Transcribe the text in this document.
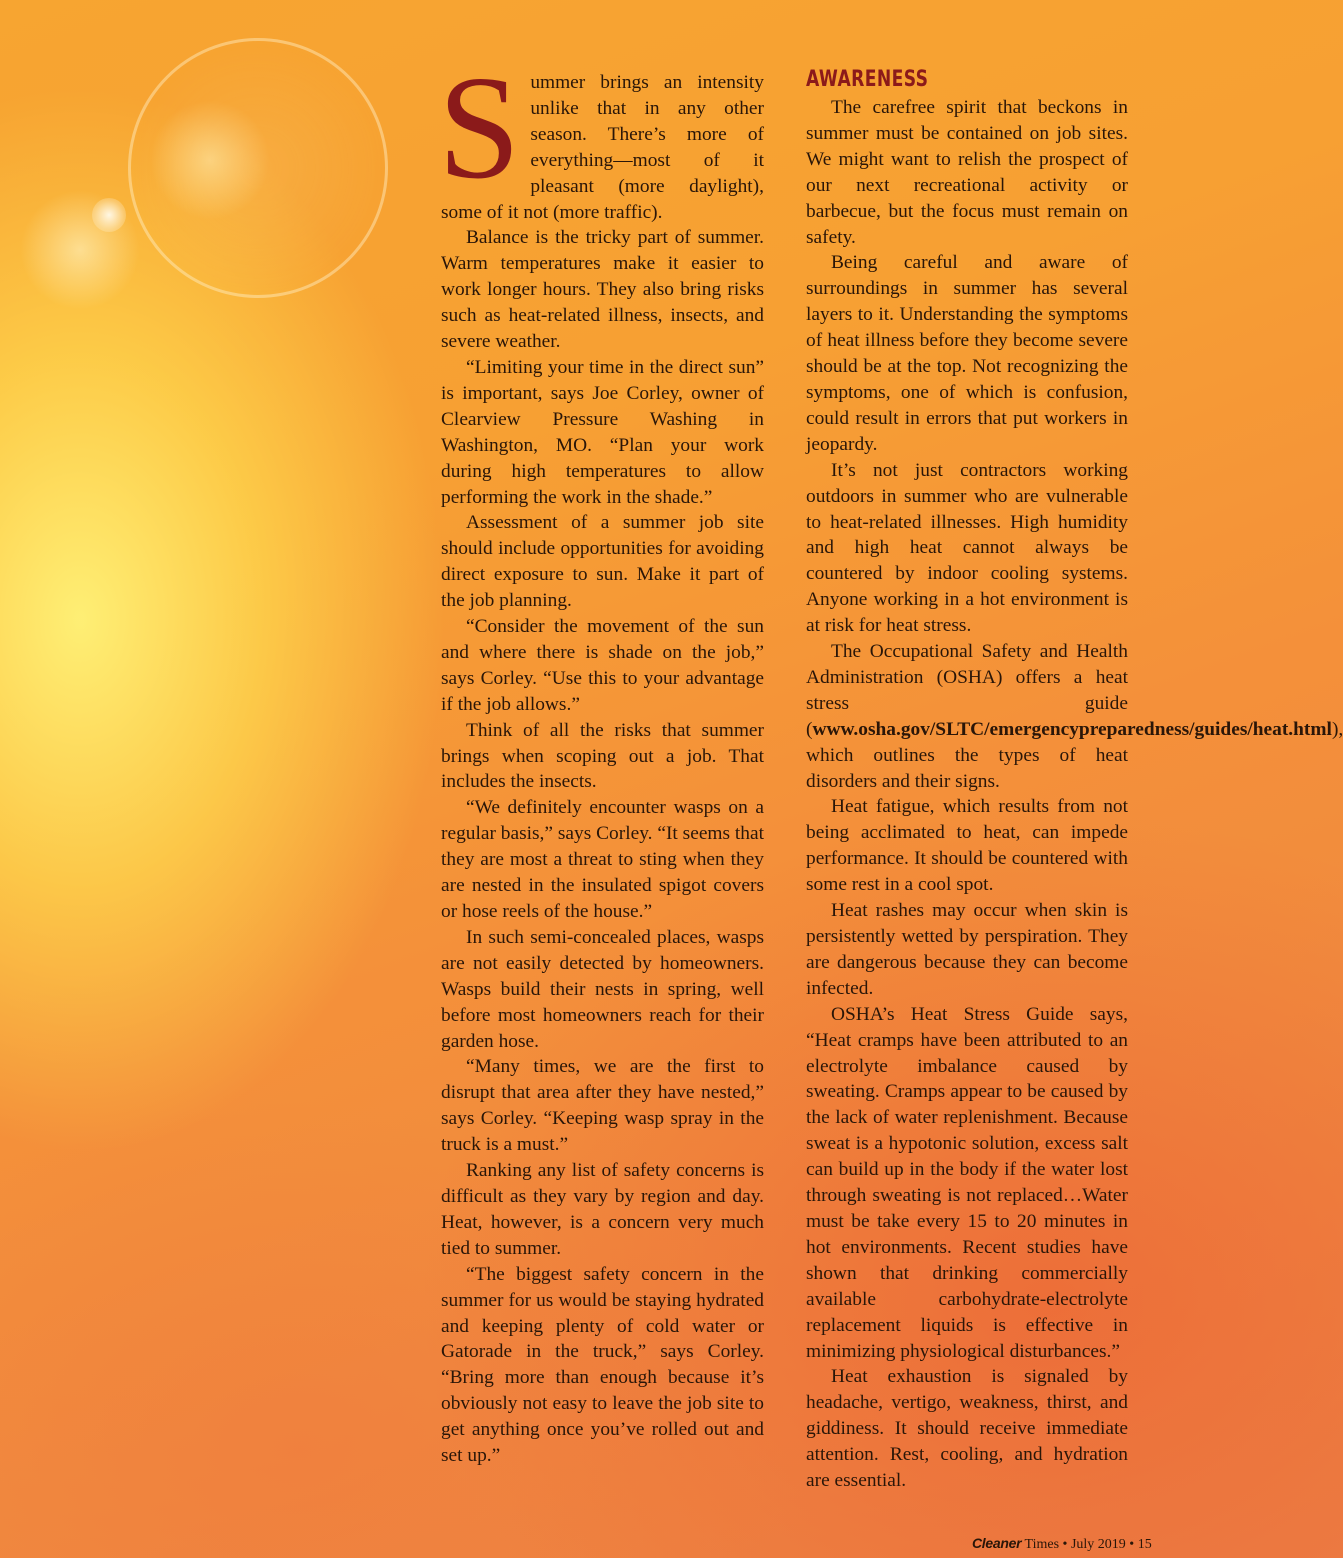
Summer brings an intensity unlike that in any other season. There’s more of everything—most of it pleasant (more daylight), some of it not (more traffic).

Balance is the tricky part of summer. Warm temperatures make it easier to work longer hours. They also bring risks such as heat-related illness, insects, and severe weather.

“Limiting your time in the direct sun” is important, says Joe Corley, owner of Clearview Pressure Washing in Washington, MO. “Plan your work during high temperatures to allow performing the work in the shade.”

Assessment of a summer job site should include opportunities for avoiding direct exposure to sun. Make it part of the job planning.

“Consider the movement of the sun and where there is shade on the job,” says Corley. “Use this to your advantage if the job allows.”

Think of all the risks that summer brings when scoping out a job. That includes the insects.

“We definitely encounter wasps on a regular basis,” says Corley. “It seems that they are most a threat to sting when they are nested in the insulated spigot covers or hose reels of the house.”

In such semi-concealed places, wasps are not easily detected by homeowners. Wasps build their nests in spring, well before most homeowners reach for their garden hose.

“Many times, we are the first to disrupt that area after they have nested,” says Corley. “Keeping wasp spray in the truck is a must.”

Ranking any list of safety concerns is difficult as they vary by region and day. Heat, however, is a concern very much tied to summer.

“The biggest safety concern in the summer for us would be staying hydrated and keeping plenty of cold water or Gatorade in the truck,” says Corley. “Bring more than enough because it’s obviously not easy to leave the job site to get anything once you’ve rolled out and set up.”

AWARENESS

The carefree spirit that beckons in summer must be contained on job sites. We might want to relish the prospect of our next recreational activity or barbecue, but the focus must remain on safety.

Being careful and aware of surroundings in summer has several layers to it. Understanding the symptoms of heat illness before they become severe should be at the top. Not recognizing the symptoms, one of which is confusion, could result in errors that put workers in jeopardy.

It’s not just contractors working outdoors in summer who are vulnerable to heat-related illnesses. High humidity and high heat cannot always be countered by indoor cooling systems. Anyone working in a hot environment is at risk for heat stress.

The Occupational Safety and Health Administration (OSHA) offers a heat stress guide (www.osha.gov/SLTC/emergencypreparedness/guides/heat.html), which outlines the types of heat disorders and their signs.

Heat fatigue, which results from not being acclimated to heat, can impede performance. It should be countered with some rest in a cool spot.

Heat rashes may occur when skin is persistently wetted by perspiration. They are dangerous because they can become infected.

OSHA’s Heat Stress Guide says, “Heat cramps have been attributed to an electrolyte imbalance caused by sweating. Cramps appear to be caused by the lack of water replenishment. Because sweat is a hypotonic solution, excess salt can build up in the body if the water lost through sweating is not replaced…Water must be take every 15 to 20 minutes in hot environments. Recent studies have shown that drinking commercially available carbohydrate-electrolyte replacement liquids is effective in minimizing physiological disturbances.”

Heat exhaustion is signaled by headache, vertigo, weakness, thirst, and giddiness. It should receive immediate attention. Rest, cooling, and hydration are essential.

Cleaner Times • July 2019 • 15
